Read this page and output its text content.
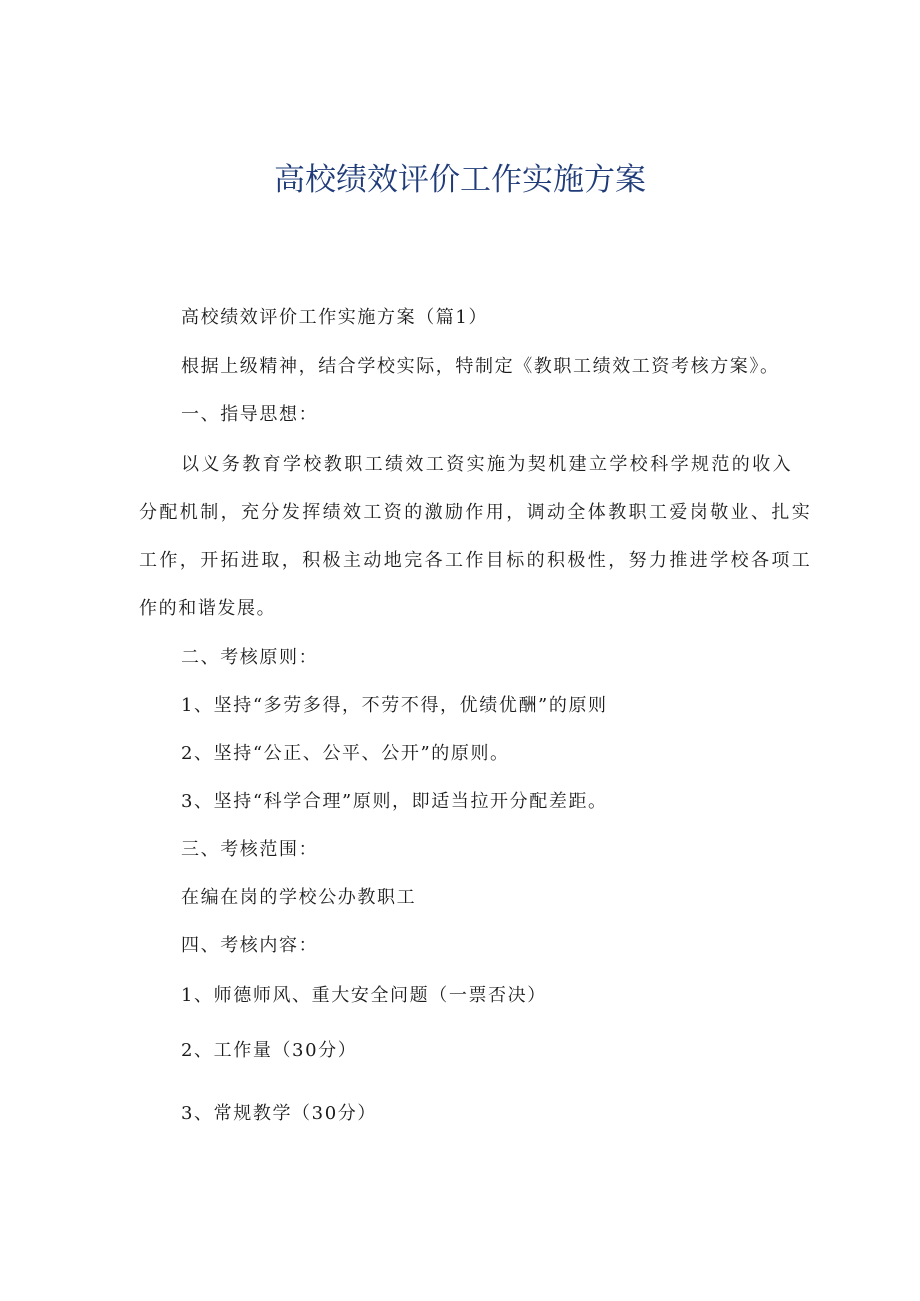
高校绩效评价工作实施方案

高校绩效评价工作实施方案（篇1）

根据上级精神，结合学校实际，特制定《教职工绩效工资考核方案》。

一、指导思想：

以义务教育学校教职工绩效工资实施为契机建立学校科学规范的收入

分配机制，充分发挥绩效工资的激励作用，调动全体教职工爱岗敬业、扎实

工作，开拓进取，积极主动地完各工作目标的积极性，努力推进学校各项工

作的和谐发展。

二、考核原则：

1、坚持“多劳多得，不劳不得，优绩优酬”的原则

2、坚持“公正、公平、公开”的原则。

3、坚持“科学合理”原则，即适当拉开分配差距。

三、考核范围：

在编在岗的学校公办教职工

四、考核内容：

1、师德师风、重大安全问题（一票否决）

2、工作量（30分）

3、常规教学（30分）
